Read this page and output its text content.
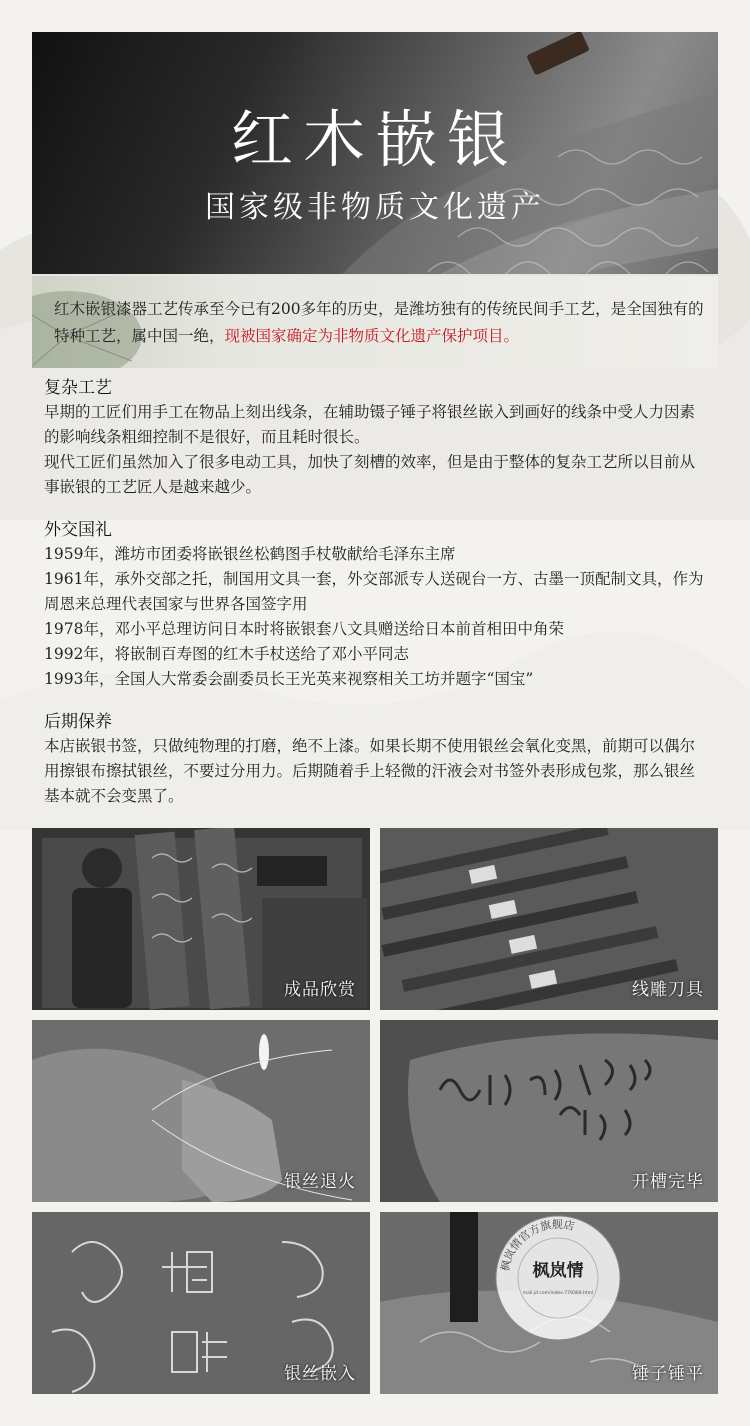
红木嵌银
国家级非物质文化遗产

红木嵌银漆器工艺传承至今已有200多年的历史，是潍坊独有的传统民间手工艺，是全国独有的特种工艺，属中国一绝，现被国家确定为非物质文化遗产保护项目。

复杂工艺

早期的工匠们用手工在物品上刻出线条，在辅助镊子锤子将银丝嵌入到画好的线条中受人力因素的影响线条粗细控制不是很好，而且耗时很长。

现代工匠们虽然加入了很多电动工具，加快了刻槽的效率，但是由于整体的复杂工艺所以目前从事嵌银的工艺匠人是越来越少。

外交国礼

1959年，潍坊市团委将嵌银丝松鹤图手杖敬献给毛泽东主席

1961年，承外交部之托，制国用文具一套，外交部派专人送砚台一方、古墨一顶配制文具，作为周恩来总理代表国家与世界各国签字用

1978年，邓小平总理访问日本时将嵌银套八文具赠送给日本前首相田中角荣

1992年，将嵌制百寿图的红木手杖送给了邓小平同志

1993年，全国人大常委会副委员长王光英来视察相关工坊并题字“国宝”

后期保养

本店嵌银书签，只做纯物理的打磨，绝不上漆。如果长期不使用银丝会氧化变黑，前期可以偶尔用擦银布擦拭银丝，不要过分用力。后期随着手上轻微的汗液会对书签外表形成包浆，那么银丝基本就不会变黑了。

成品欣赏	线雕刀具
银丝退火	开槽完毕
银丝嵌入	锤子锤平
枫岚情官方旗舰店
枫岚情
mall.jd.com/index-779369.html
